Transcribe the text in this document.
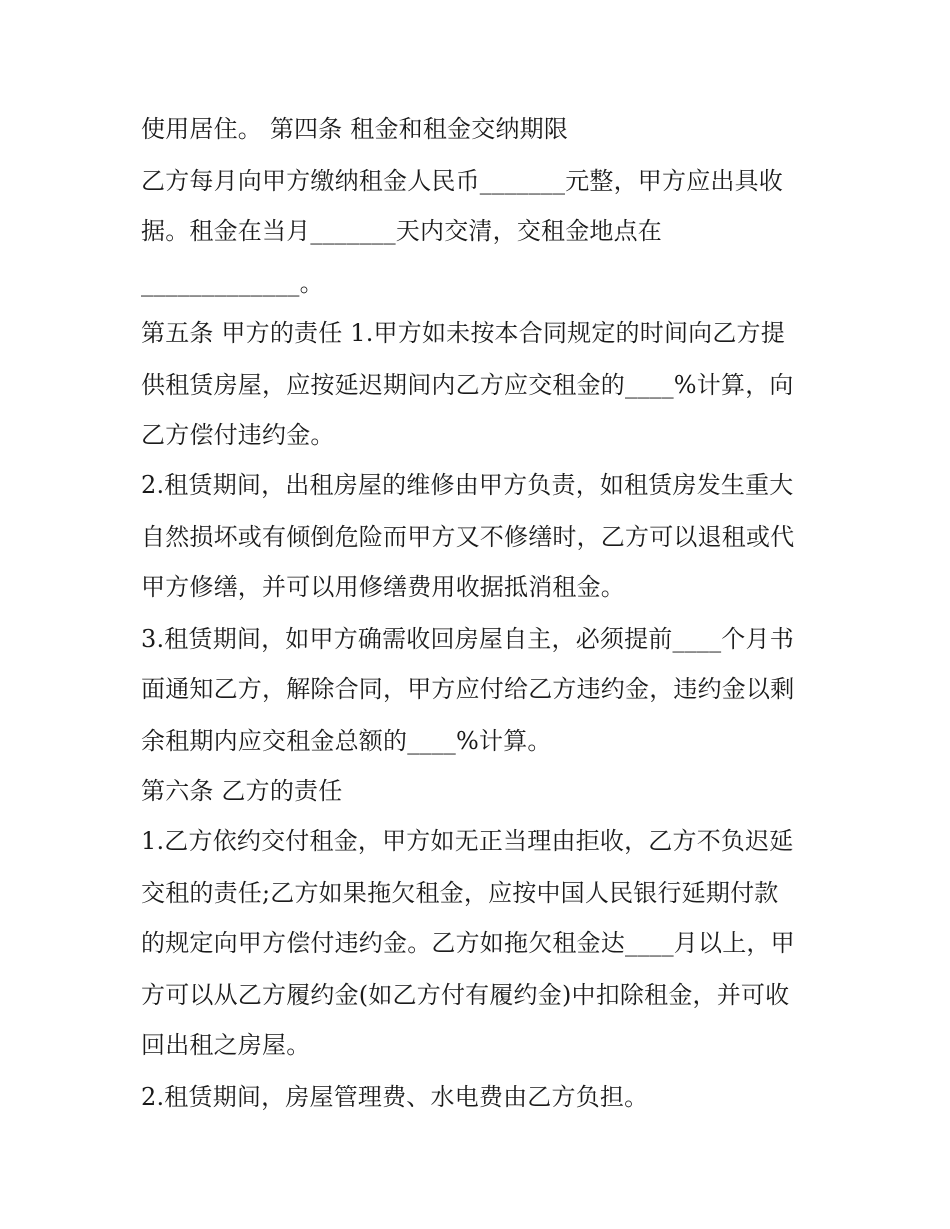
使用居住。 第四条 租金和租金交纳期限
乙方每月向甲方缴纳租金人民币_______元整，甲方应出具收
据。租金在当月_______天内交清，交租金地点在
_____________。
第五条 甲方的责任 1.甲方如未按本合同规定的时间向乙方提
供租赁房屋，应按延迟期间内乙方应交租金的____%计算，向
乙方偿付违约金。
2.租赁期间，出租房屋的维修由甲方负责，如租赁房发生重大
自然损坏或有倾倒危险而甲方又不修缮时，乙方可以退租或代
甲方修缮，并可以用修缮费用收据抵消租金。
3.租赁期间，如甲方确需收回房屋自主，必须提前____个月书
面通知乙方，解除合同，甲方应付给乙方违约金，违约金以剩
余租期内应交租金总额的____%计算。
第六条 乙方的责任
1.乙方依约交付租金，甲方如无正当理由拒收，乙方不负迟延
交租的责任;乙方如果拖欠租金，应按中国人民银行延期付款
的规定向甲方偿付违约金。乙方如拖欠租金达____月以上，甲
方可以从乙方履约金(如乙方付有履约金)中扣除租金，并可收
回出租之房屋。
2.租赁期间，房屋管理费、水电费由乙方负担。
